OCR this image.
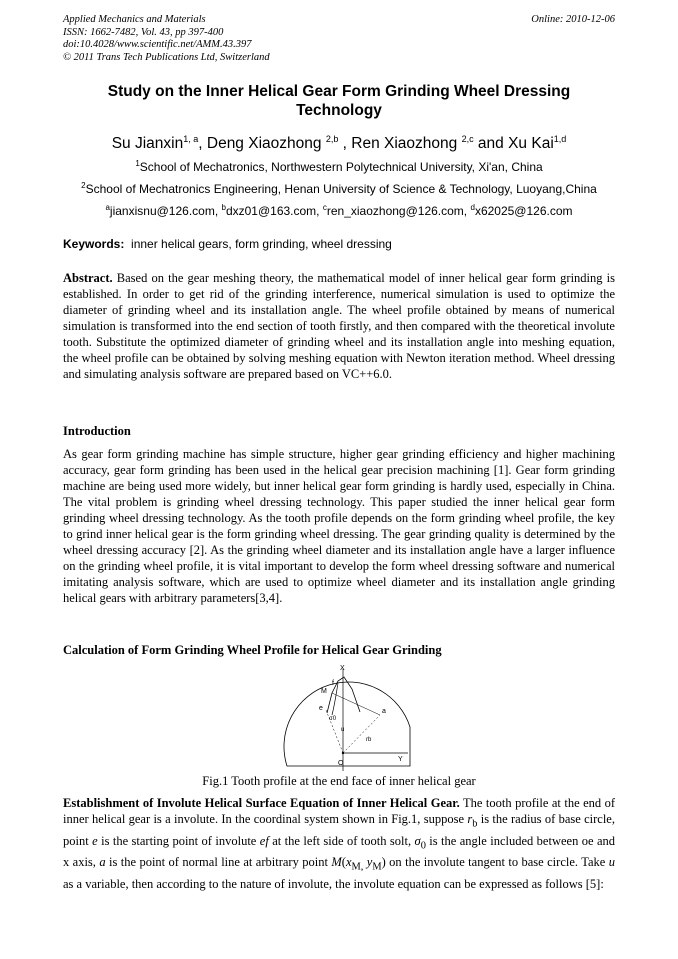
Applied Mechanics and Materials
ISSN: 1662-7482, Vol. 43, pp 397-400
doi:10.4028/www.scientific.net/AMM.43.397
© 2011 Trans Tech Publications Ltd, Switzerland
Online: 2010-12-06
Study on the Inner Helical Gear Form Grinding Wheel Dressing Technology
Su Jianxin$^{1, a}$, Deng Xiaozhong $^{2,b}$ , Ren Xiaozhong $^{2,c}$ and Xu Kai$^{1,d}$
$^1$School of Mechatronics, Northwestern Polytechnical University, Xi'an, China
$^2$School of Mechatronics Engineering, Henan University of Science & Technology, Luoyang,China
$^a$jianxisnu@126.com, $^b$dxz01@163.com, $^c$ren_xiaozhong@126.com, $^d$x62025@126.com
Keywords: inner helical gears, form grinding, wheel dressing
Abstract. Based on the gear meshing theory, the mathematical model of inner helical gear form grinding is established. In order to get rid of the grinding interference, numerical simulation is used to optimize the diameter of grinding wheel and its installation angle. The wheel profile obtained by means of numerical simulation is transformed into the end section of tooth firstly, and then compared with the theoretical involute tooth. Substitute the optimized diameter of grinding wheel and its installation angle into meshing equation, the wheel profile can be obtained by solving meshing equation with Newton iteration method. Wheel dressing and simulating analysis software are prepared based on VC++6.0.
Introduction
As gear form grinding machine has simple structure, higher gear grinding efficiency and higher machining accuracy, gear form grinding has been used in the helical gear precision machining [1]. Gear form grinding machine are being used more widely, but inner helical gear form grinding is hardly used, especially in China. The vital problem is grinding wheel dressing technology. This paper studied the inner helical gear form grinding wheel dressing technology. As the tooth profile depends on the form grinding wheel profile, the key to grind inner helical gear is the form grinding wheel dressing. The gear grinding quality is determined by the wheel dressing accuracy [2]. As the grinding wheel diameter and its installation angle have a larger influence on the grinding wheel profile, it is vital important to develop the form wheel dressing software and numerical imitating analysis software, which are used to optimize wheel diameter and its installation angle grinding helical gears with arbitrary parameters[3,4].
Calculation of Form Grinding Wheel Profile for Helical Gear Grinding
X
Y
M
f
e
σ0
u
a
rb
O
Fig.1 Tooth profile at the end face of inner helical gear
Establishment of Involute Helical Surface Equation of Inner Helical Gear. The tooth profile at the end of inner helical gear is a involute. In the coordinal system shown in Fig.1, suppose $r_b$ is the radius of base circle, point e is the starting point of involute ef at the left side of tooth solt, $\sigma_0$ is the angle included between oe and x axis, a is the point of normal line at arbitrary point $M(x_{M,}$ $y_M$) on the involute tangent to base circle. Take u as a variable, then according to the nature of involute, the involute equation can be expressed as follows [5]:
